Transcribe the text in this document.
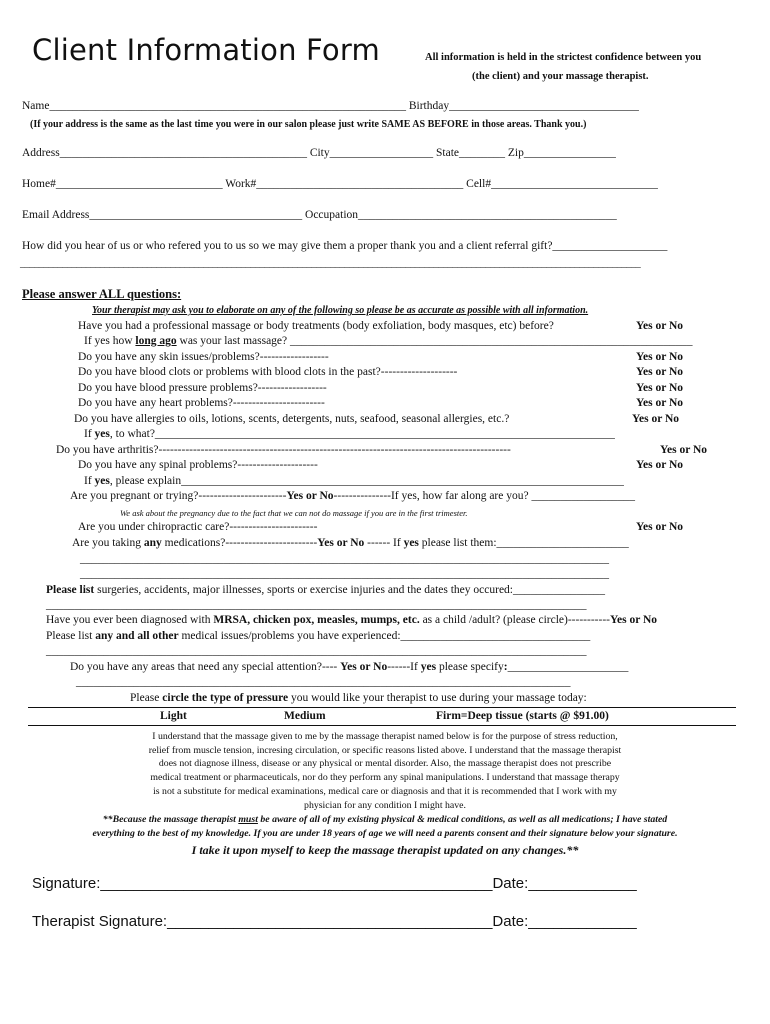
Client Information Form	All information is held in the strictest confidence between you
(the client) and your massage therapist.
Name______________________________________________________________ Birthday_________________________________
(If your address is the same as the last time you were in our salon please just write SAME AS BEFORE in those areas. Thank you.)
Address___________________________________________ City__________________ State________ Zip________________
Home#_____________________________ Work#____________________________________ Cell#_____________________________
Email Address_____________________________________ Occupation_____________________________________________
How did you hear of us or who refered you to us so we may give them a proper thank you and a client referral gift?____________________
____________________________________________________________________________________________________________________________________
Please answer ALL questions:
Your therapist may ask you to elaborate on any of the following so please be as accurate as possible with all information.
Have you had a professional massage or body treatments (body exfoliation, body masques, etc) before?	Yes or No
If yes how long ago was your last massage? ______________________________________________________________________
Do you have any skin issues/problems?------------------	Yes or No
Do you have blood clots or problems with blood clots in the past?--------------------	Yes or No
Do you have blood pressure problems?------------------	Yes or No
Do you have any heart problems?------------------------	Yes or No
Do you have allergies to oils, lotions, scents, detergents, nuts, seafood, seasonal allergies, etc.?	Yes or No
If yes, to what?________________________________________________________________________________
Do you have arthritis?--------------------------------------------------------------------------------------------	Yes or No
Do you have any spinal problems?---------------------	Yes or No
If yes, please explain_____________________________________________________________________________
Are you pregnant or trying?-----------------------Yes or No---------------If yes, how far along are you? __________________
We ask about the pregnancy due to the fact that we can not do massage if you are in the first trimester.
Are you under chiropractic care?-----------------------	Yes or No
Are you taking any medications?------------------------Yes or No ------ If yes please list them:_______________________
____________________________________________________________________________________________
____________________________________________________________________________________________
Please list surgeries, accidents, major illnesses, sports or exercise injuries and the dates they occured:________________
______________________________________________________________________________________________
Have you ever been diagnosed with MRSA, chicken pox, measles, mumps, etc. as a child /adult? (please circle)-----------Yes or No
Please list any and all other medical issues/problems you have experienced:_________________________________
______________________________________________________________________________________________
Do you have any areas that need any special attention?---- Yes or No------If yes please specify:_____________________
______________________________________________________________________________________
Please circle the type of pressure you would like your therapist to use during your massage today:
Light	Medium	Firm=Deep tissue (starts @ $91.00)
I understand that the massage given to me by the massage therapist named below is for the purpose of stress reduction,
relief from muscle tension, incresing circulation, or specific reasons listed above. I understand that the massage therapist
does not diagnose illness, disease or any physical or mental disorder. Also, the massage therapist does not prescribe
medical treatment or pharmaceuticals, nor do they perform any spinal manipulations. I understand that massage therapy
is not a substitute for medical examinations, medical care or diagnosis and that it is recommended that I work with my
physician for any condition I might have.
**Because the massage therapist must be aware of all of my existing physical & medical conditions, as well as all medications; I have stated
everything to the best of my knowledge. If you are under 18 years of age we will need a parents consent and their signature below your signature.
I take it upon myself to keep the massage therapist updated on any changes.**
Signature:_______________________________________________Date:_____________
Therapist Signature:_______________________________________Date:_____________
